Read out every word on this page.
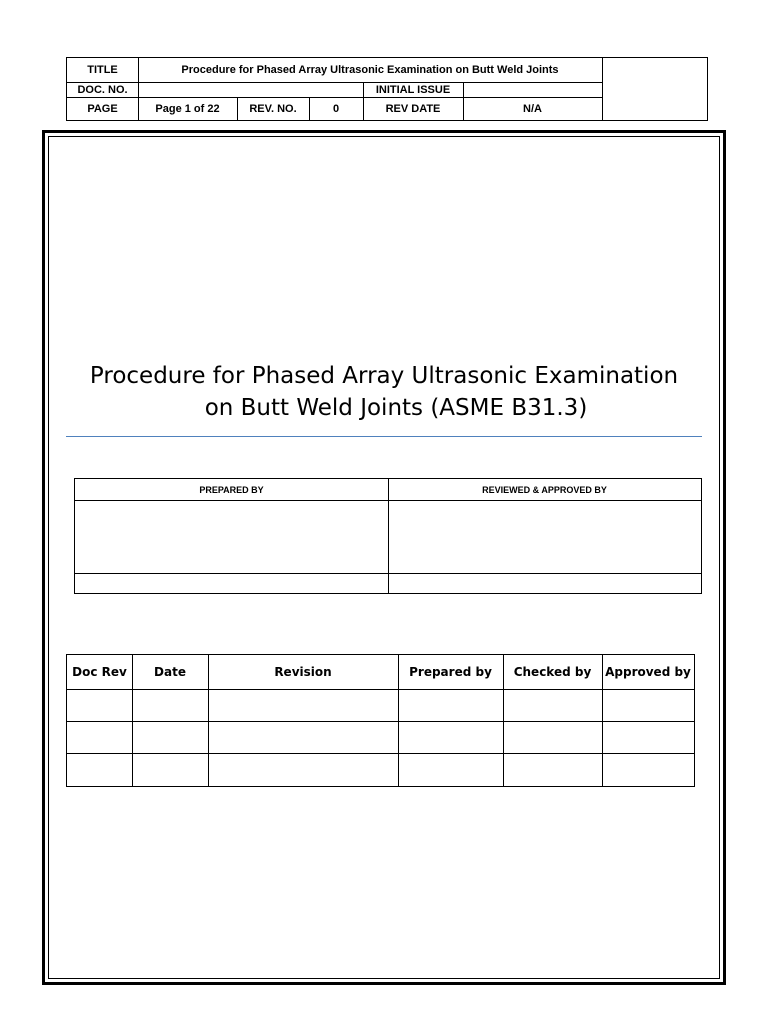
TITLE	Procedure for Phased Array Ultrasonic Examination on Butt Weld Joints
DOC. NO.	INITIAL ISSUE
PAGE	Page 1 of 22	REV. NO.	0	REV DATE	N/A
Procedure for Phased Array Ultrasonic Examination
on Butt Weld Joints (ASME B31.3)
PREPARED BY	REVIEWED & APPROVED BY
Doc Rev	Date	Revision	Prepared by	Checked by	Approved by
